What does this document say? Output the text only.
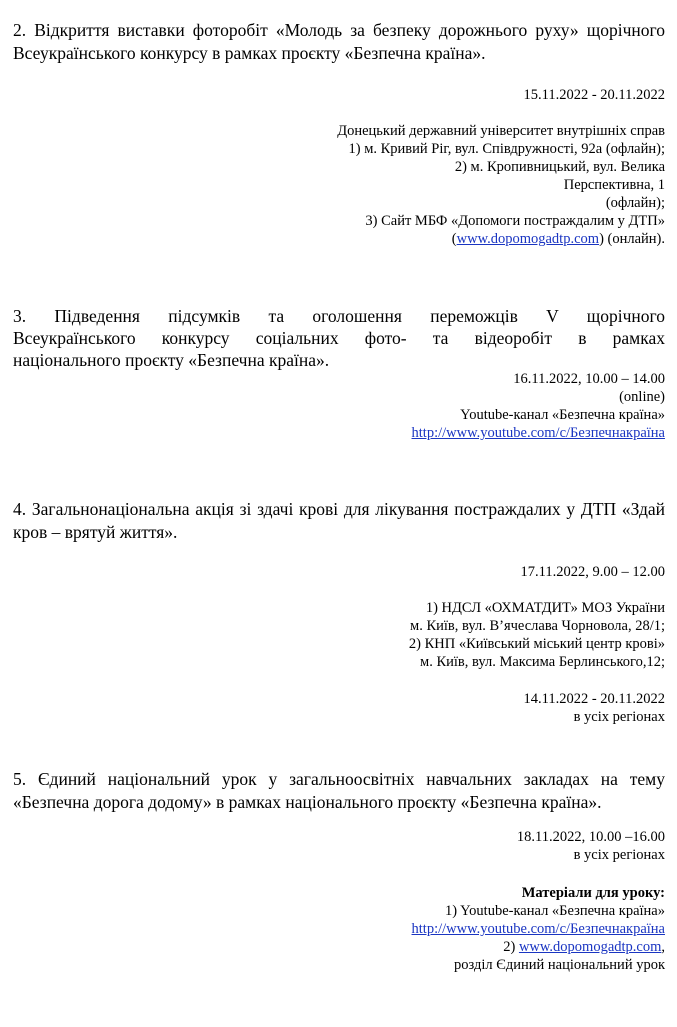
2. Відкриття виставки фоторобіт «Молодь за безпеку дорожнього руху» щорічного Всеукраїнського конкурсу в рамках проєкту «Безпечна країна».

15.11.2022 - 20.11.2022
Донецький державний університет внутрішніх справ
1) м. Кривий Ріг, вул. Співдружності, 92а (офлайн);
2) м. Кропивницький, вул. Велика
Перспективна, 1
(офлайн);
3) Сайт МБФ «Допомоги постраждалим у ДТП»
(www.dopomogadtp.com) (онлайн).

3. Підведення підсумків та оголошення переможців V щорічного

Всеукраїнського конкурсу соціальних фото- та відеоробіт в рамках

національного проєкту «Безпечна країна».

16.11.2022, 10.00 – 14.00
(online)
Youtube-канал «Безпечна країна»
http://www.youtube.com/c/Безпечнакраїна

4. Загальнонаціональна акція зі здачі крові для лікування постраждалих у ДТП «Здай кров – врятуй життя».

17.11.2022, 9.00 – 12.00
1) НДСЛ «ОХМАТДИТ» МОЗ України
м. Київ, вул. В’ячеслава Чорновола, 28/1;
2) КНП «Київський міський центр крові»
м. Київ, вул. Максима Берлинського,12;
14.11.2022 - 20.11.2022
в усіх регіонах

5. Єдиний національний урок у загальноосвітніх навчальних закладах на тему «Безпечна дорога додому» в рамках національного проєкту «Безпечна країна».

18.11.2022, 10.00 –16.00
в усіх регіонах
Матеріали для уроку:
1) Youtube-канал «Безпечна країна»
http://www.youtube.com/c/Безпечнакраїна
2) www.dopomogadtp.com,
розділ Єдиний національний урок
